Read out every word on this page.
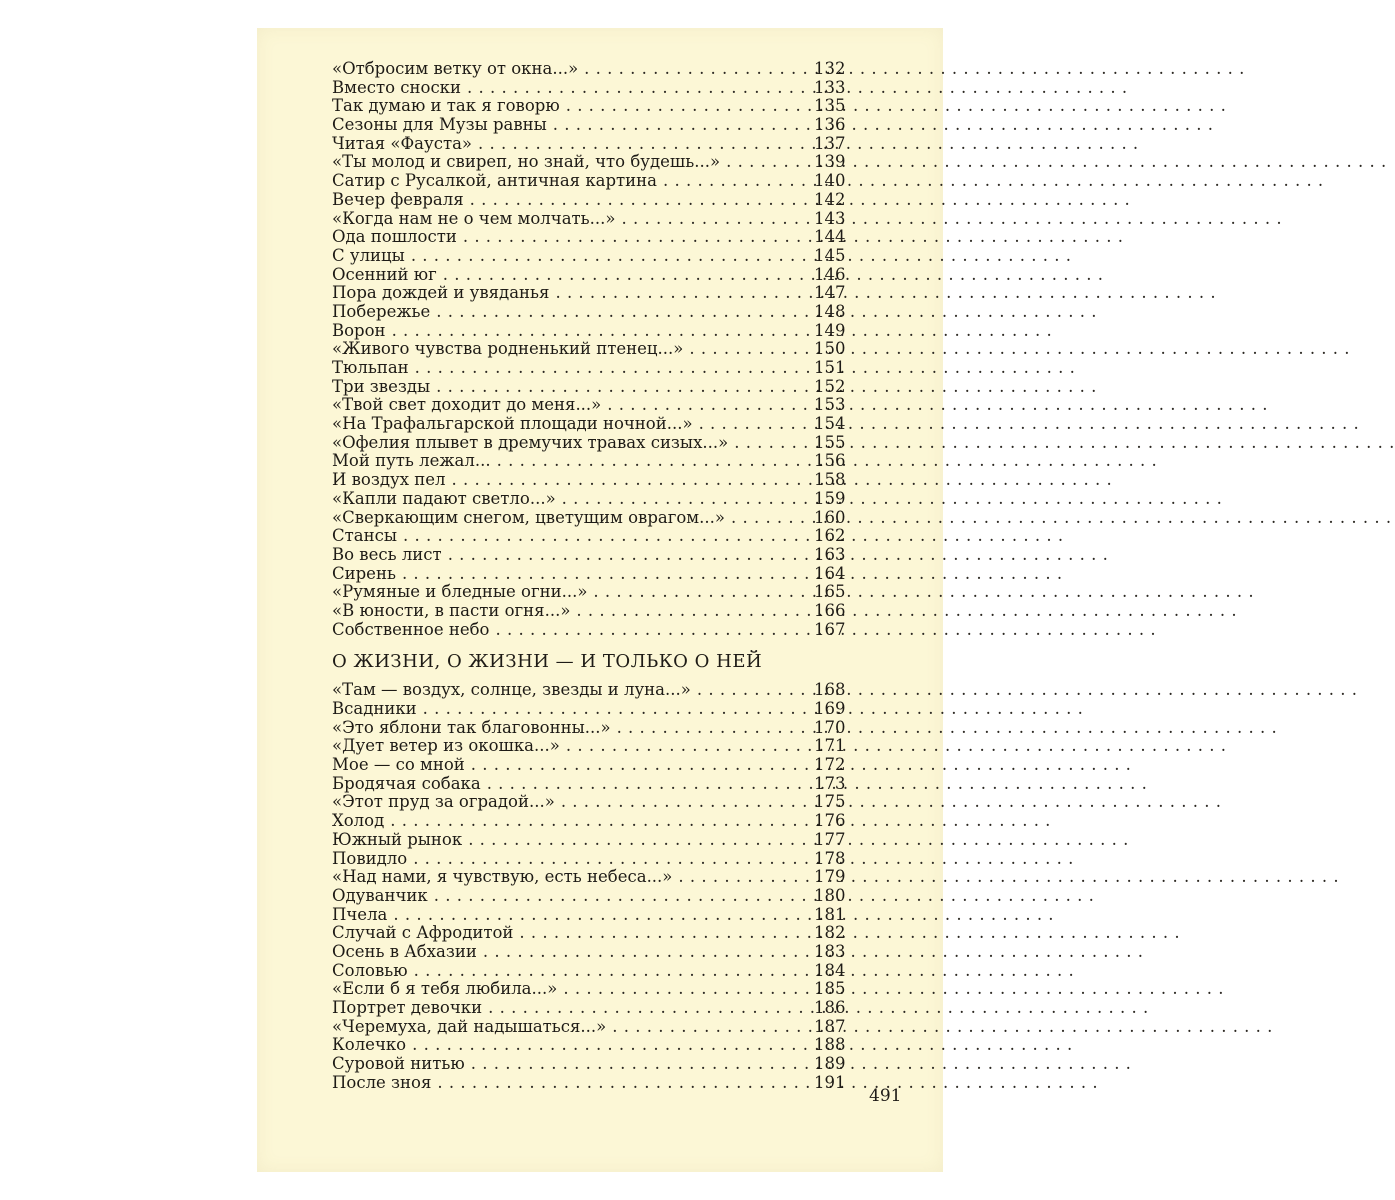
«Отбросим ветку от окна...» . .	132
Вместо сноски . .	133
Так думаю и так я говорю . .	135
Сезоны для Музы равны . .	136
Читая «Фауста» . .	137
«Ты молод и свиреп, но знай, что будешь...» . .	139
Сатир с Русалкой, античная картина . .	140
Вечер февраля . .	142
«Когда нам не о чем молчать...» . .	143
Ода пошлости . .	144
С улицы . .	145
Осенний юг . .	146
Пора дождей и увяданья . .	147
Побережье . .	148
Ворон . .	149
«Живого чувства родненький птенец...» . .	150
Тюльпан . .	151
Три звезды . .	152
«Твой свет доходит до меня...» . .	153
«На Трафальгарской площади ночной...» . .	154
«Офелия плывет в дремучих травах сизых...» . .	155
Мой путь лежал... . .	156
И воздух пел . .	158
«Капли падают светло...» . .	159
«Сверкающим снегом, цветущим оврагом...» . .	160
Стансы . .	162
Во весь лист . .	163
Сирень . .	164
«Румяные и бледные огни...» . .	165
«В юности, в пасти огня...» . .	166
Собственное небо . .	167
О ЖИЗНИ, О ЖИЗНИ — И ТОЛЬКО О НЕЙ
«Там — воздух, солнце, звезды и луна...» . .	168
Всадники . .	169
«Это яблони так благовонны...» . .	170
«Дует ветер из окошка...» . .	171
Мое — со мной . .	172
Бродячая собака . .	173
«Этот пруд за оградой...» . .	175
Холод . .	176
Южный рынок . .	177
Повидло . .	178
«Над нами, я чувствую, есть небеса...» . .	179
Одуванчик . .	180
Пчела . .	181
Случай с Афродитой . .	182
Осень в Абхазии . .	183
Соловью . .	184
«Если б я тебя любила...» . .	185
Портрет девочки . .	186
«Черемуха, дай надышаться...» . .	187
Колечко . .	188
Суровой нитью . .	189
После зноя . .	191
491
